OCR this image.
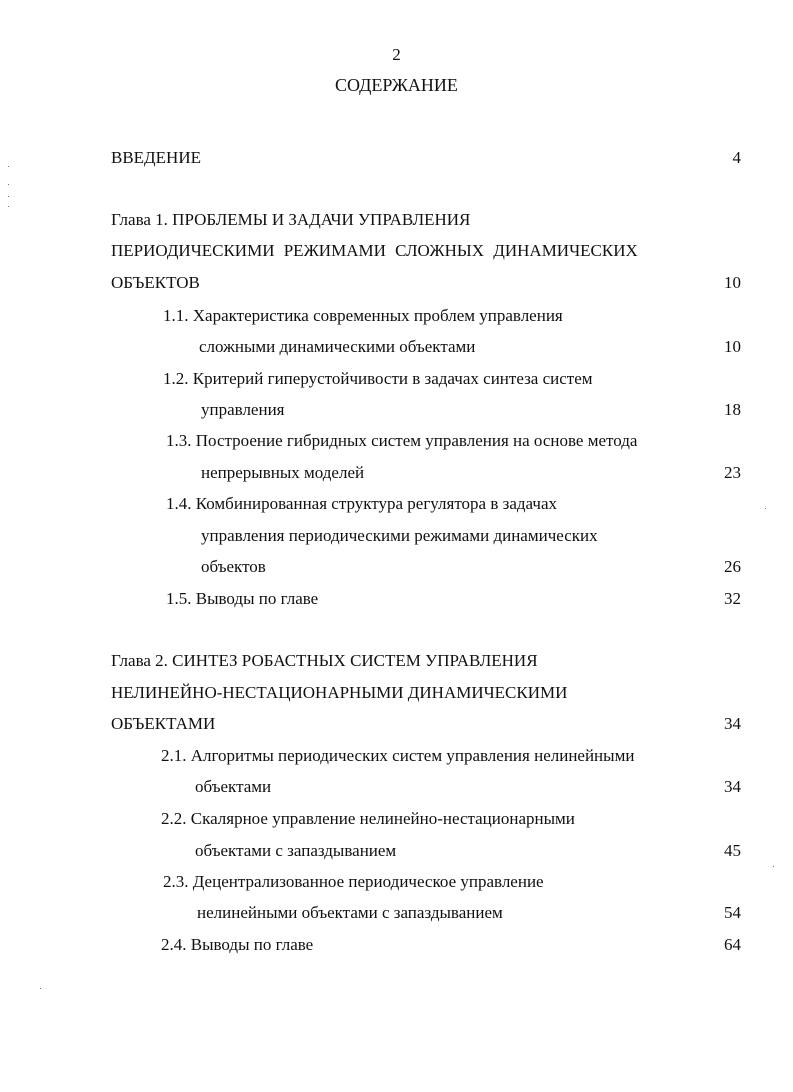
2
СОДЕРЖАНИЕ
ВВЕДЕНИЕ	4
Глава 1. ПРОБЛЕМЫ И ЗАДАЧИ УПРАВЛЕНИЯ
ПЕРИОДИЧЕСКИМИ РЕЖИМАМИ СЛОЖНЫХ ДИНАМИЧЕСКИХ
ОБЪЕКТОВ	10
1.1. Характеристика современных проблем управления
сложными динамическими объектами	10
1.2. Критерий гиперустойчивости в задачах синтеза систем
управления	18
1.3. Построение гибридных систем управления на основе метода
непрерывных моделей	23
1.4. Комбинированная структура регулятора в задачах
управления периодическими режимами динамических
объектов	26
1.5. Выводы по главе	32
Глава 2. СИНТЕЗ РОБАСТНЫХ СИСТЕМ УПРАВЛЕНИЯ
НЕЛИНЕЙНО-НЕСТАЦИОНАРНЫМИ ДИНАМИЧЕСКИМИ
ОБЪЕКТАМИ	34
2.1. Алгоритмы периодических систем управления нелинейными
объектами	34
2.2. Скалярное управление нелинейно-нестационарными
объектами с запаздыванием	45
2.3. Децентрализованное периодическое управление
нелинейными объектами с запаздыванием	54
2.4. Выводы по главе	64
